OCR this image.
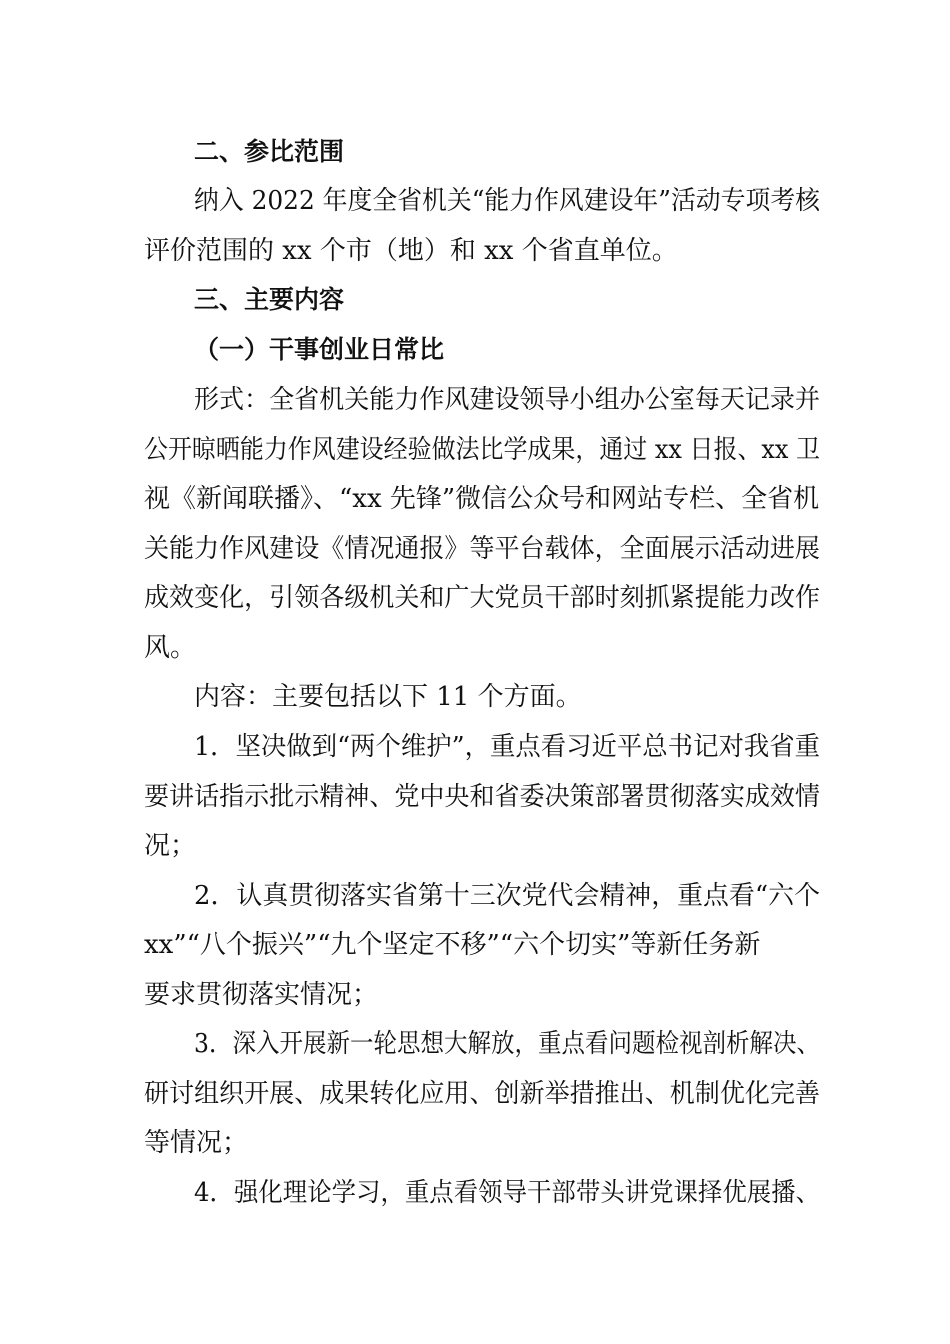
二、参比范围
纳入 2022 年度全省机关“能力作风建设年”活动专项考核
评价范围的 xx 个市（地）和 xx 个省直单位。
三、主要内容
（一）干事创业日常比
形式：全省机关能力作风建设领导小组办公室每天记录并
公开晾晒能力作风建设经验做法比学成果，通过 xx 日报、xx 卫
视《新闻联播》、“xx 先锋”微信公众号和网站专栏、全省机
关能力作风建设《情况通报》等平台载体，全面展示活动进展
成效变化，引领各级机关和广大党员干部时刻抓紧提能力改作
风。
内容：主要包括以下 11 个方面。
1．坚决做到“两个维护”，重点看习近平总书记对我省重
要讲话指示批示精神、党中央和省委决策部署贯彻落实成效情
况；
2．认真贯彻落实省第十三次党代会精神，重点看“六个
xx”“八个振兴”“九个坚定不移”“六个切实”等新任务新
要求贯彻落实情况；
3．深入开展新一轮思想大解放，重点看问题检视剖析解决、
研讨组织开展、成果转化应用、创新举措推出、机制优化完善
等情况；
4．强化理论学习，重点看领导干部带头讲党课择优展播、
